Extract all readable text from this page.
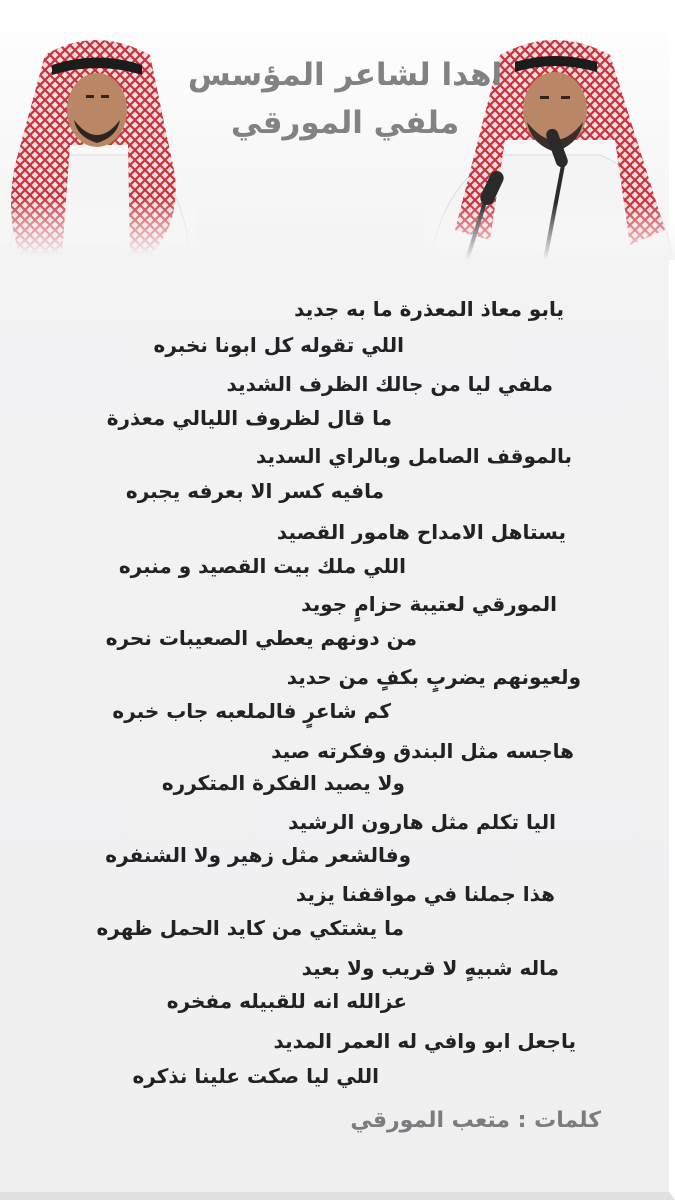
اهدا لشاعر المؤسس
ملفي المورقي
يابو معاذ المعذرة ما به جديد
اللي تقوله كل ابونا نخبره
ملفي ليا من جالك الظرف الشديد
ما قال لظروف الليالي معذرة
بالموقف الصامل وبالراي السديد
مافيه كسر الا بعرفه يجبره
يستاهل الامداح هامور القصيد
اللي ملك بيت القصيد و منبره
المورقي لعتيبة حزامٍ جويد
من دونهم يعطي الصعيبات نحره
ولعيونهم يضربٍ بكفٍ من حديد
كم شاعرٍ فالملعبه جاب خبره
هاجسه مثل البندق وفكرته صيد
ولا يصيد الفكرة المتكرره
اليا تكلم مثل هارون الرشيد
وفالشعر مثل زهير ولا الشنفره
هذا جملنا في مواقفنا يزيد
ما يشتكي من كايد الحمل ظهره
ماله شبيهٍ لا قريب ولا بعيد
عزالله انه للقبيله مفخره
ياجعل ابو وافي له العمر المديد
اللي ليا صكت علينا نذكره
كلمات : متعب المورقي
